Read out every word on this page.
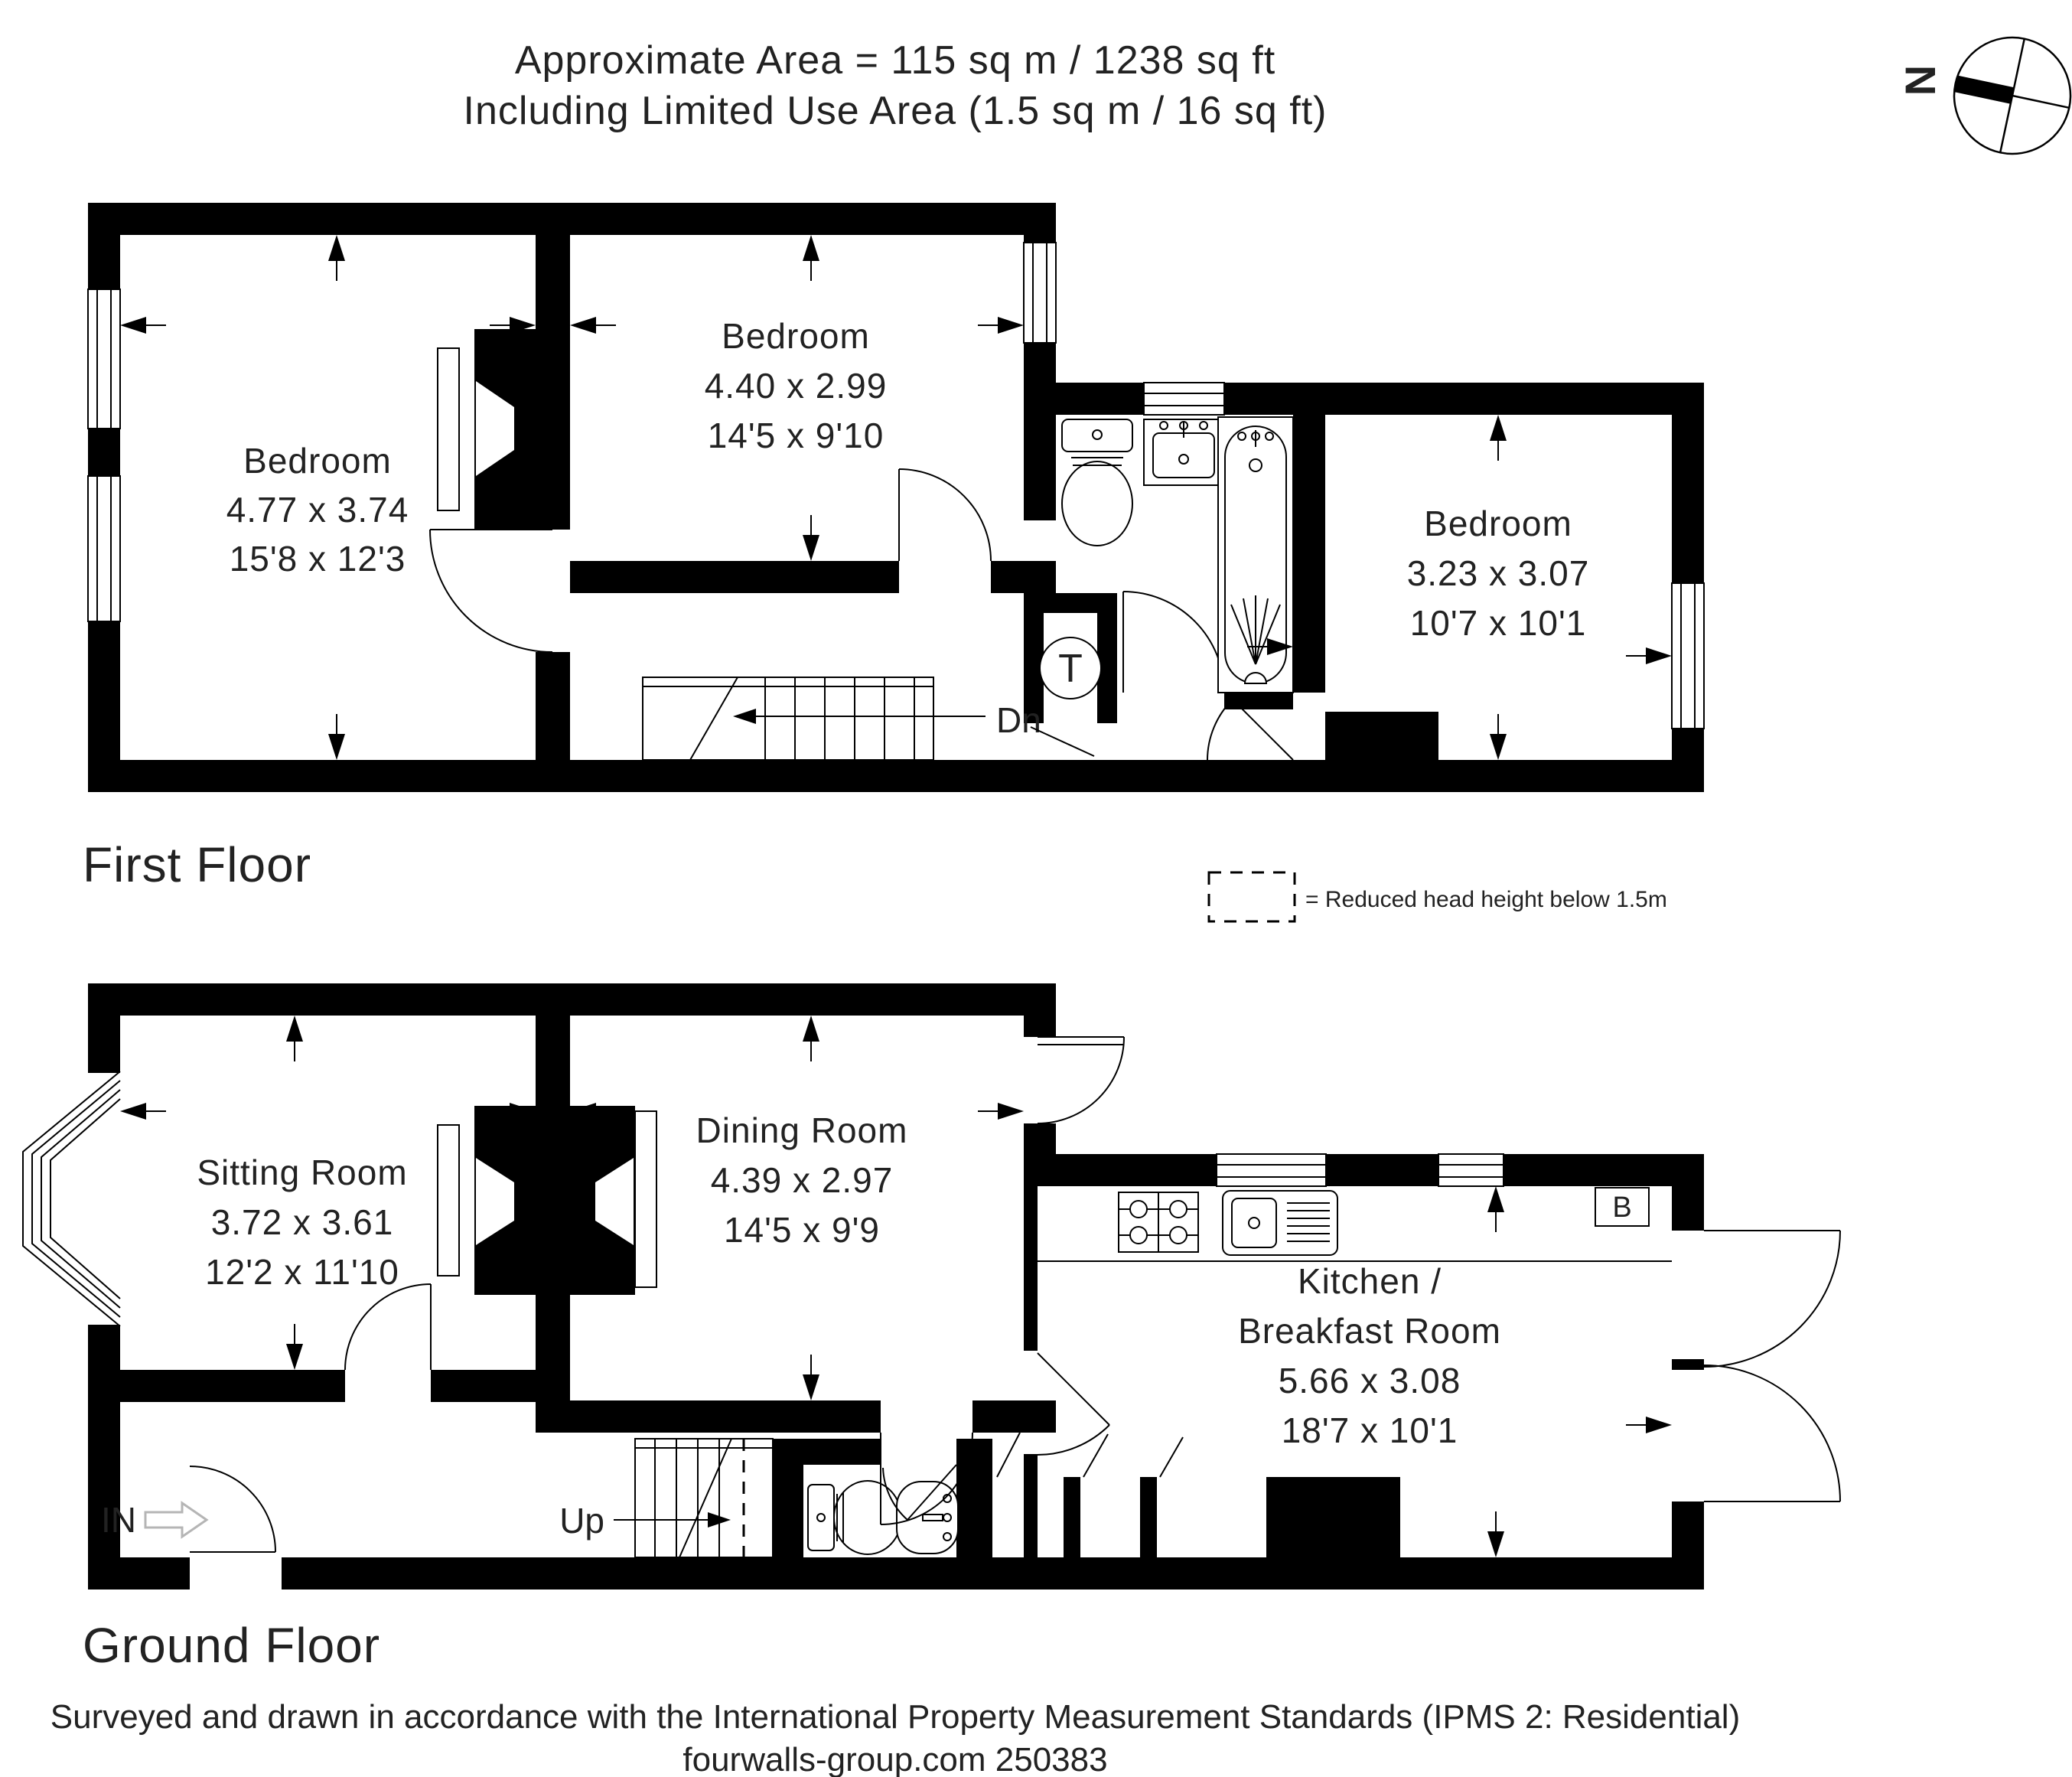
Approximate Area = 115 sq m / 1238 sq ft
Including Limited Use Area (1.5 sq m / 16 sq ft)
N
Dn
T
Bedroom
4.77 x 3.74
15'8 x 12'3
Bedroom
4.40 x 2.99
14'5 x 9'10
Bedroom
3.23 x 3.07
10'7 x 10'1
First Floor
= Reduced head height below 1.5m
B
Up
IN
Sitting Room
3.72 x 3.61
12'2 x 11'10
Dining Room
4.39 x 2.97
14'5 x 9'9
Kitchen /
Breakfast Room
5.66 x 3.08
18'7 x 10'1
Ground Floor
Surveyed and drawn in accordance with the International Property Measurement Standards (IPMS 2: Residential)
fourwalls-group.com 250383
